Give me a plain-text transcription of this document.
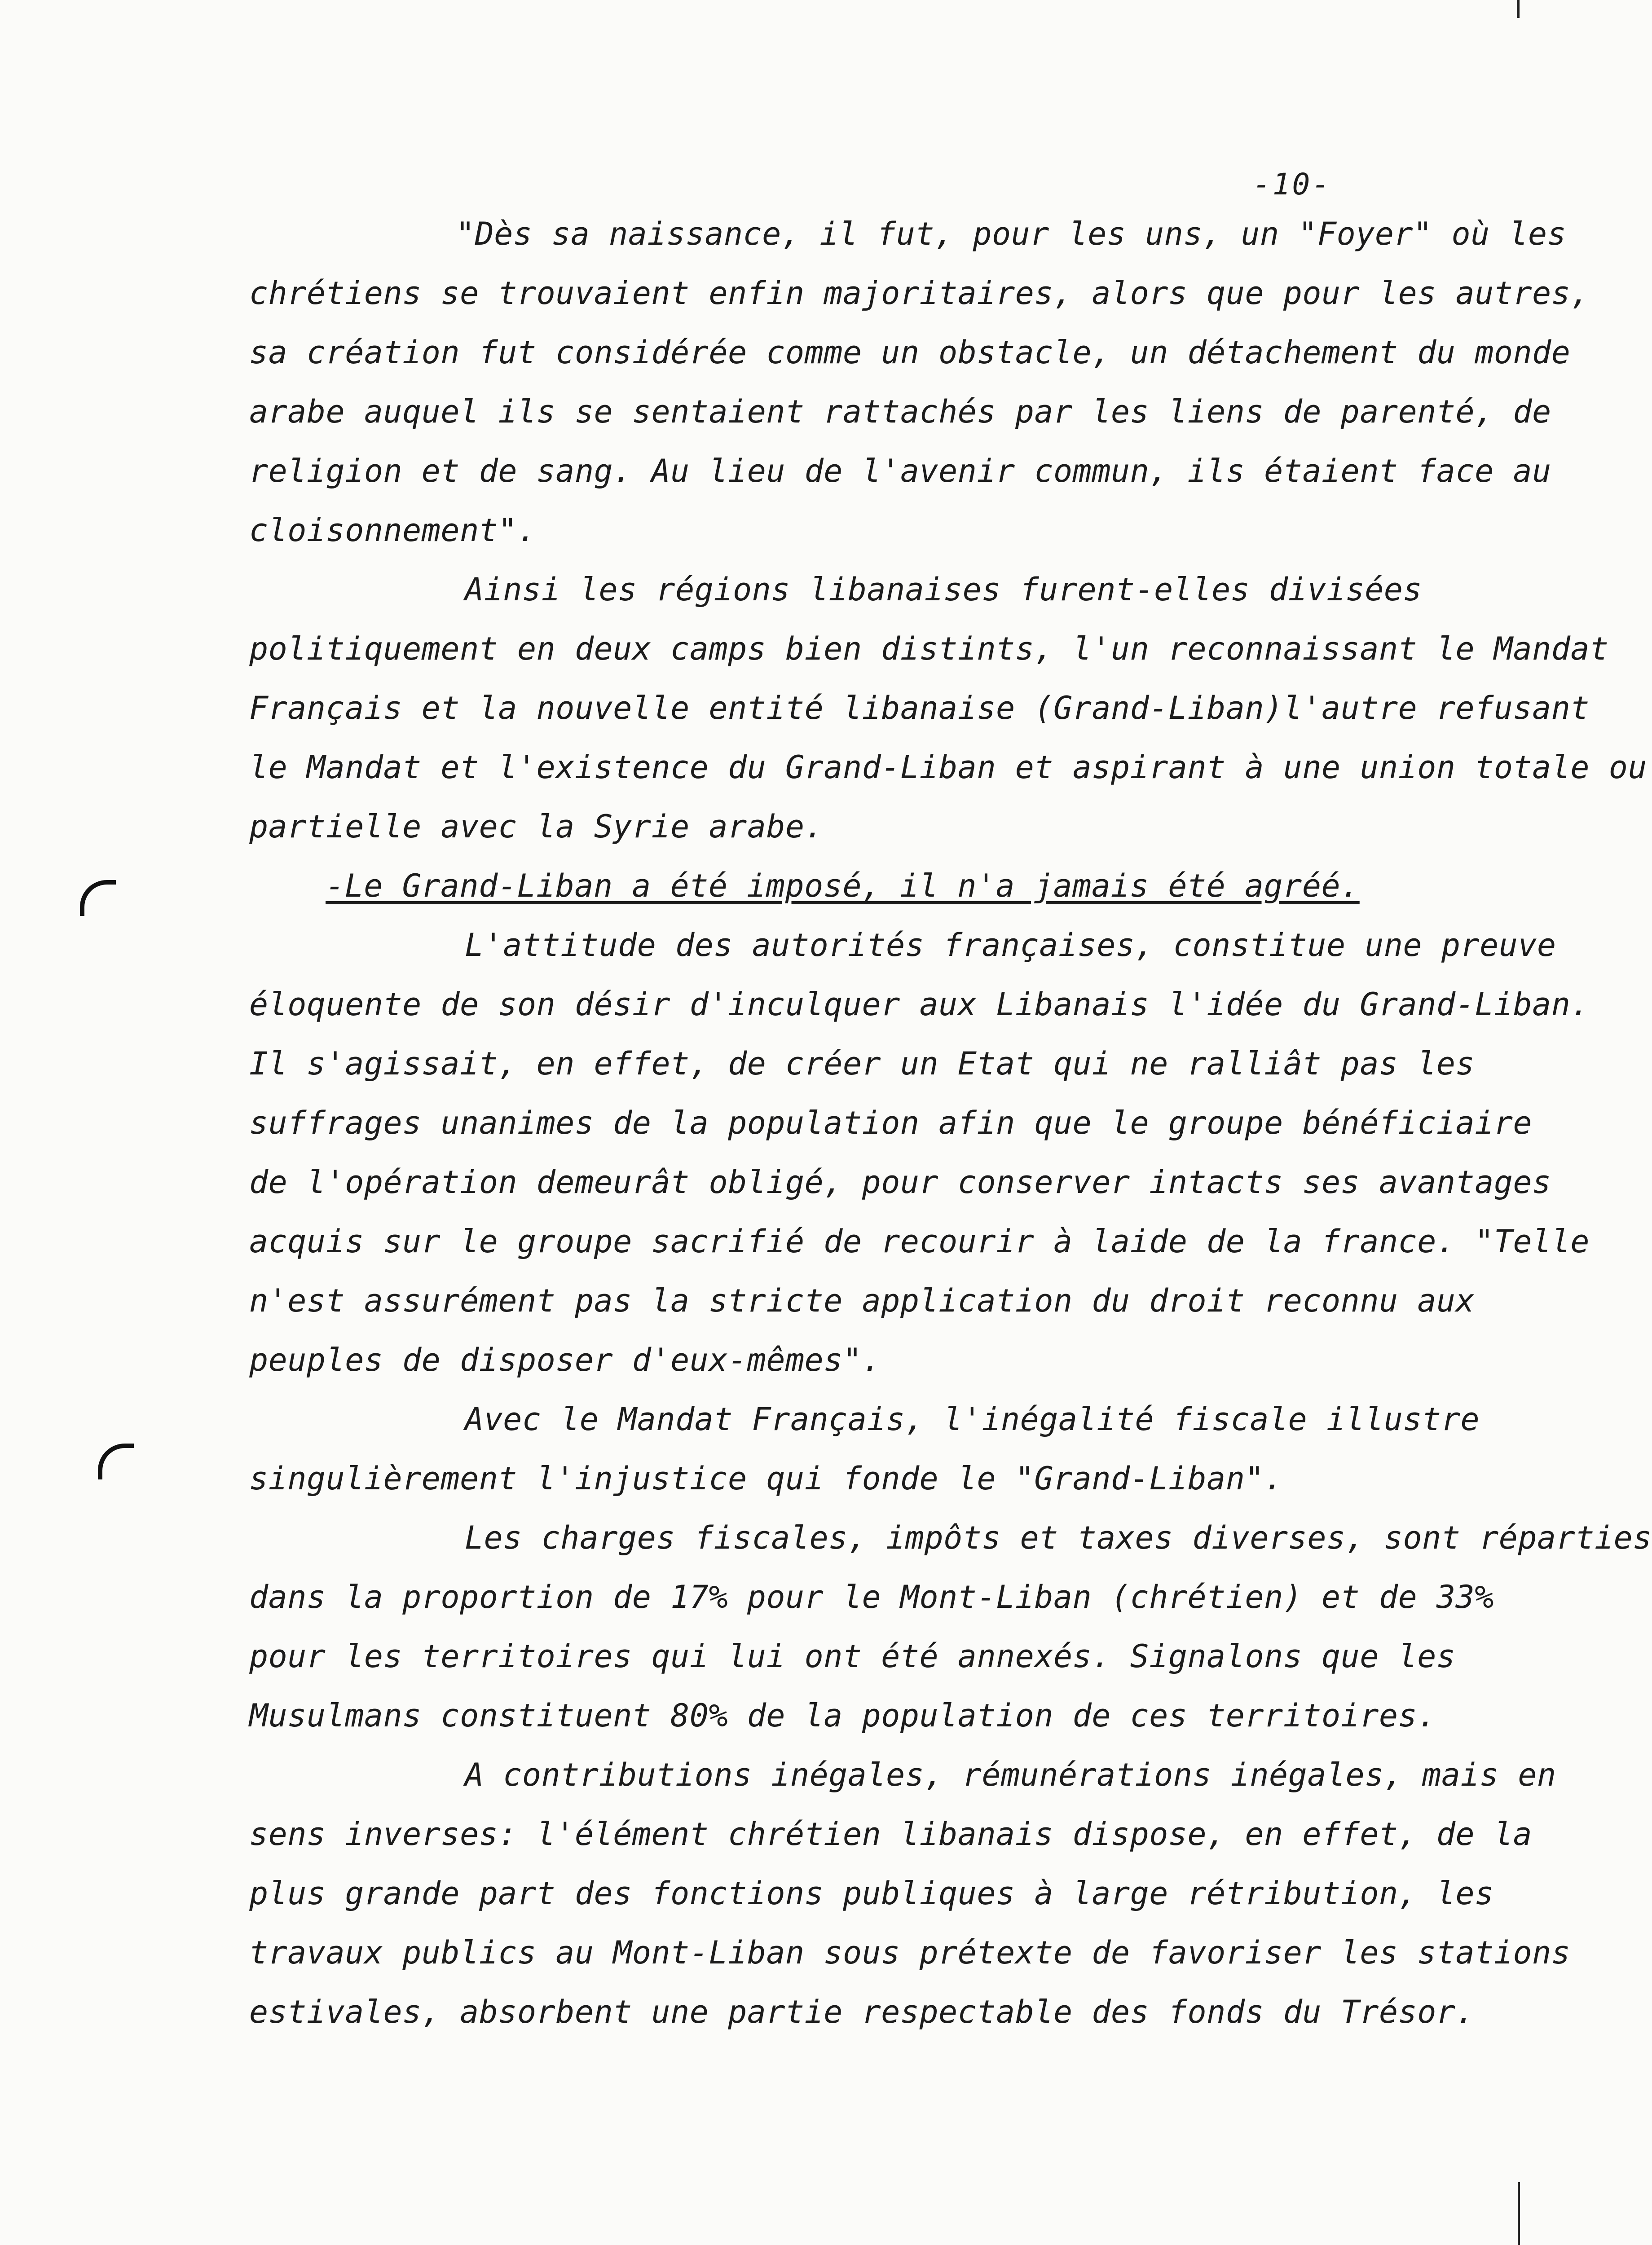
-10-
"Dès sa naissance, il fut, pour les uns, un "Foyer" où les
chrétiens se trouvaient enfin majoritaires, alors que pour les autres,
sa création fut considérée comme un obstacle, un détachement du monde
arabe auquel ils se sentaient rattachés par les liens de parenté, de
religion et de sang. Au lieu de l'avenir commun, ils étaient face au
cloisonnement".
Ainsi les régions libanaises furent-elles divisées
politiquement en deux camps bien distints, l'un reconnaissant le Mandat
Français et la nouvelle entité libanaise (Grand-Liban)l'autre refusant
le Mandat et l'existence du Grand-Liban et aspirant à une union totale ou
partielle avec la Syrie arabe.
-Le Grand-Liban a été imposé, il n'a jamais été agréé.
L'attitude des autorités françaises, constitue une preuve
éloquente de son désir d'inculquer aux Libanais l'idée du Grand-Liban.
Il s'agissait, en effet, de créer un Etat qui ne ralliât pas les
suffrages unanimes de la population afin que le groupe bénéficiaire
de l'opération demeurât obligé, pour conserver intacts ses avantages
acquis sur le groupe sacrifié de recourir à laide de la france. "Telle
n'est assurément pas la stricte application du droit reconnu aux
peuples de disposer d'eux-mêmes".
Avec le Mandat Français, l'inégalité fiscale illustre
singulièrement l'injustice qui fonde le "Grand-Liban".
Les charges fiscales, impôts et taxes diverses, sont réparties
dans la proportion de 17% pour le Mont-Liban (chrétien) et de 33%
pour les territoires qui lui ont été annexés. Signalons que les
Musulmans constituent 80% de la population de ces territoires.
A contributions inégales, rémunérations inégales, mais en
sens inverses: l'élément chrétien libanais dispose, en effet, de la
plus grande part des fonctions publiques à large rétribution, les
travaux publics au Mont-Liban sous prétexte de favoriser les stations
estivales, absorbent une partie respectable des fonds du Trésor.
